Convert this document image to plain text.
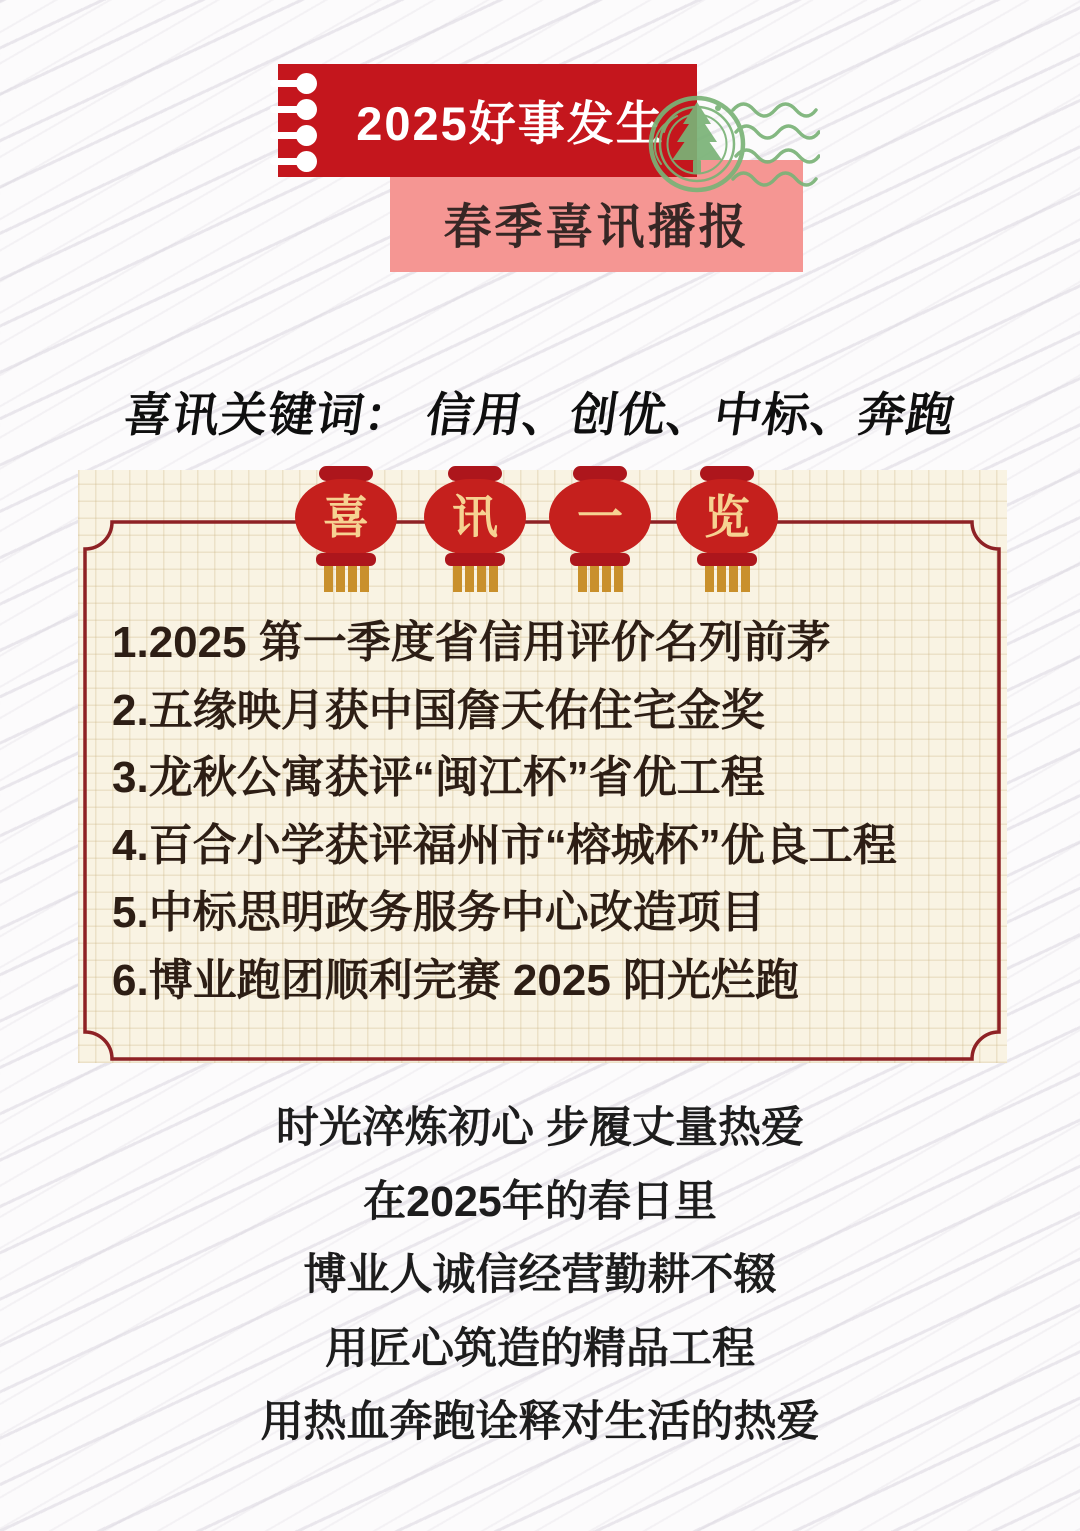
2025好事发生
春季喜讯播报
喜讯关键词： 信用、创优、中标、奔跑
喜 讯 一 览
1.2025 第一季度省信用评价名列前茅
2.五缘映月获中国詹天佑住宅金奖
3.龙秋公寓获评“闽江杯”省优工程
4.百合小学获评福州市“榕城杯”优良工程
5.中标思明政务服务中心改造项目
6.博业跑团顺利完赛 2025 阳光烂跑
时光淬炼初心 步履丈量热爱
在2025年的春日里
博业人诚信经营勤耕不辍
用匠心筑造的精品工程
用热血奔跑诠释对生活的热爱
